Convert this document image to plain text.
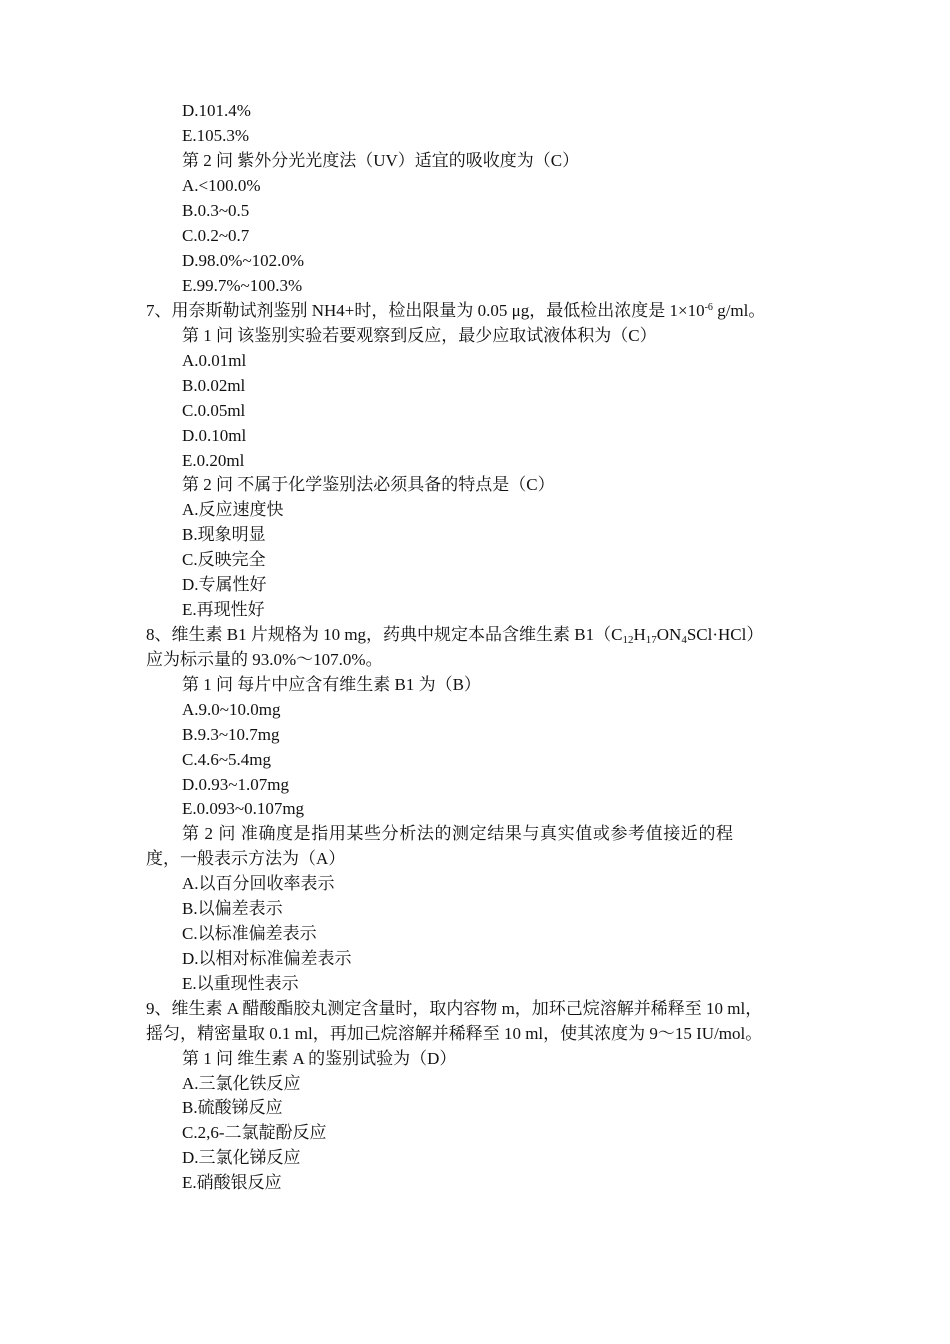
D.101.4%
E.105.3%
第 2 问 紫外分光光度法（UV）适宜的吸收度为（C）
A.<100.0%
B.0.3~0.5
C.0.2~0.7
D.98.0%~102.0%
E.99.7%~100.3%
7、用奈斯勒试剂鉴别 NH4+时，检出限量为 0.05 μg，最低检出浓度是 $1\times 10^{-6}$ g/ml。
第 1 问 该鉴别实验若要观察到反应，最少应取试液体积为（C）
A.0.01ml
B.0.02ml
C.0.05ml
D.0.10ml
E.0.20ml
第 2 问 不属于化学鉴别法必须具备的特点是（C）
A.反应速度快
B.现象明显
C.反映完全
D.专属性好
E.再现性好
8、维生素 B1 片规格为 10 mg，药典中规定本品含维生素 $B1(C_{12}H_{17}ON_4SCl\cdot HCl)$
应为标示量的 93.0%～107.0%。
第 1 问 每片中应含有维生素 B1 为（B）
A.9.0~10.0mg
B.9.3~10.7mg
C.4.6~5.4mg
D.0.93~1.07mg
E.0.093~0.107mg
第 2 问 准确度是指用某些分析法的测定结果与真实值或参考值接近的程
度，一般表示方法为（A）
A.以百分回收率表示
B.以偏差表示
C.以标准偏差表示
D.以相对标准偏差表示
E.以重现性表示
9、维生素 A 醋酸酯胶丸测定含量时，取内容物 m，加环己烷溶解并稀释至 10 ml，
摇匀，精密量取 0.1 ml，再加己烷溶解并稀释至 10 ml，使其浓度为 9～15 IU/mol。
第 1 问 维生素 A 的鉴别试验为（D）
A.三氯化铁反应
B.硫酸锑反应
C.2,6-二氯靛酚反应
D.三氯化锑反应
E.硝酸银反应
